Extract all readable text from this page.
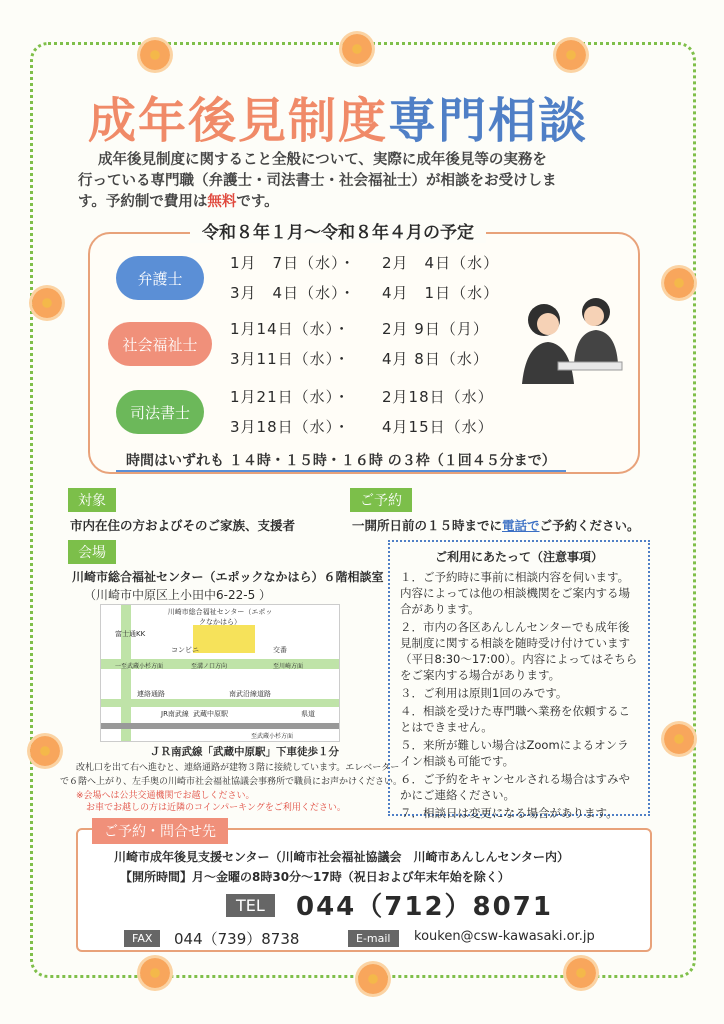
成年後見制度専門相談
成年後見制度に関すること全般について、実際に成年後見等の実務を
行っている専門職（弁護士・司法書士・社会福祉士）が相談をお受けしま
す。予約制で費用は無料です。
令和８年１月～令和８年４月の予定
弁護士
社会福祉士
司法書士
1月　7日（水）・ 2月　4日（水）
3月　4日（水）・ 4月　1日（水）
1月14日（水）・ 2月 9日（月）
3月11日（水）・ 4月 8日（水）
1月21日（水）・ 2月18日（水）
3月18日（水）・ 4月15日（水）
時間はいずれも １４時・１５時・１６時 の３枠（１回４５分まで）
対象
市内在住の方およびそのご家族、支援者
ご予約
一開所日前の１５時までに電話でご予約ください。
会場
川崎市総合福祉センター（エポックなかはら）６階相談室
（川崎市中原区上小田中6-22-5 ）
川崎市総合福祉センター（エポックなかはら）
富士通KK
コンビニ	交番
一至武蔵小杉方面	至溝ノ口方向	至川崎方面
武蔵中原駅
連絡通路	南武沿線道路
JR南武線	県道
至武蔵小杉方面
ＪＲ南武線「武蔵中原駅」下車徒歩１分
改札口を出て右へ進むと、連絡通路が建物３階に接続しています。エレベーター
で６階へ上がり、左手奥の川崎市社会福祉協議会事務所で職員にお声かけください。
※会場へは公共交通機関でお越しください。
お車でお越しの方は近隣のコインパーキングをご利用ください。
ご利用にあたって（注意事項）
１．ご予約時に事前に相談内容を伺います。内容によっては他の相談機関をご案内する場合があります。
２．市内の各区あんしんセンターでも成年後見制度に関する相談を随時受け付けています（平日8:30～17:00）。内容によってはそちらをご案内する場合があります。
３．ご利用は原則1回のみです。
４．相談を受けた専門職へ業務を依頼することはできません。
５．来所が難しい場合はZoomによるオンライン相談も可能です。
６．ご予約をキャンセルされる場合はすみやかにご連絡ください。
７．相談日は変更になる場合があります。
ご予約・問合せ先
川崎市成年後見支援センター（川崎市社会福祉協議会　川崎市あんしんセンター内）
【開所時間】月～金曜の8時30分～17時（祝日および年末年始を除く）
TEL	044（712）8071
FAX	044（739）8738	E-mail	kouken@csw-kawasaki.or.jp
